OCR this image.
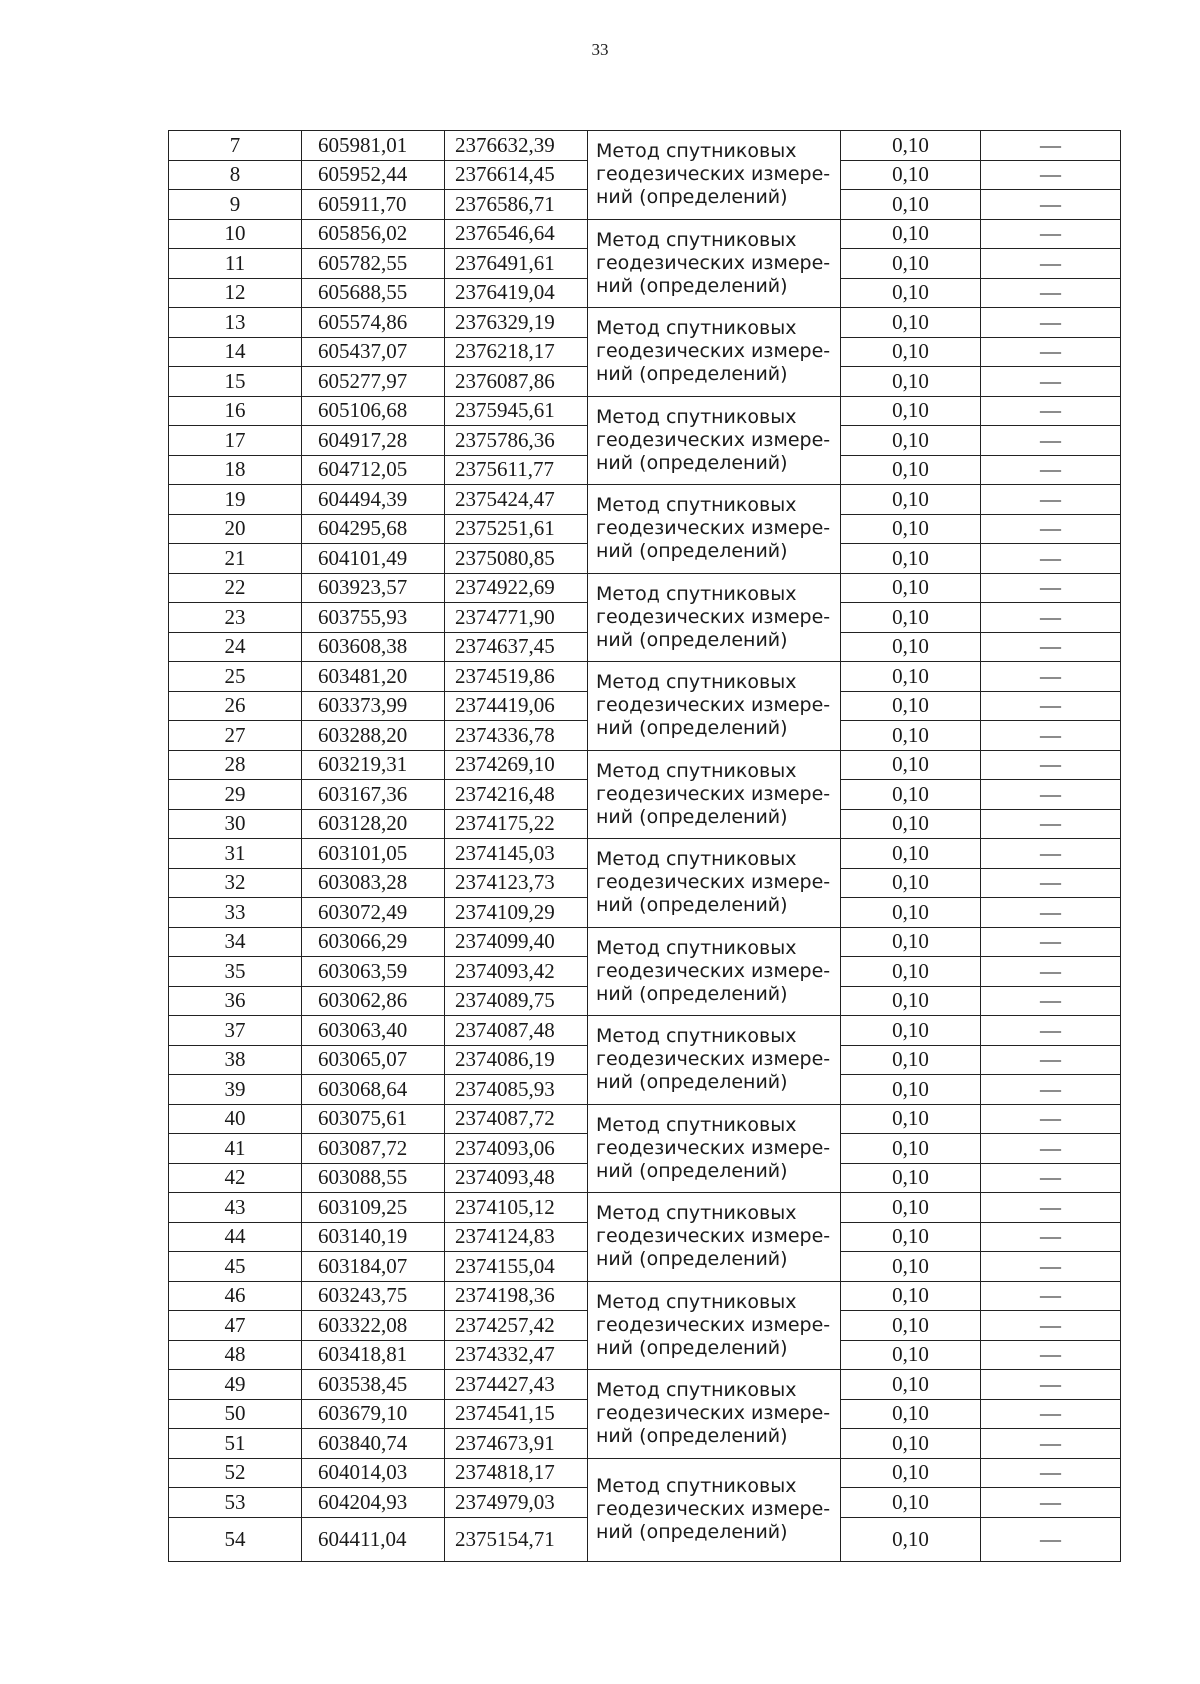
33
7	605981,01	2376632,39	Метод спутниковых геодезических измере-ний (определений)	0,10	—
8	605952,44	2376614,45		0,10	—
9	605911,70	2376586,71		0,10	—
10	605856,02	2376546,64	Метод спутниковых геодезических измере-ний (определений)	0,10	—
11	605782,55	2376491,61		0,10	—
12	605688,55	2376419,04		0,10	—
13	605574,86	2376329,19	Метод спутниковых геодезических измере-ний (определений)	0,10	—
14	605437,07	2376218,17		0,10	—
15	605277,97	2376087,86		0,10	—
16	605106,68	2375945,61	Метод спутниковых геодезических измере-ний (определений)	0,10	—
17	604917,28	2375786,36		0,10	—
18	604712,05	2375611,77		0,10	—
19	604494,39	2375424,47	Метод спутниковых геодезических измере-ний (определений)	0,10	—
20	604295,68	2375251,61		0,10	—
21	604101,49	2375080,85		0,10	—
22	603923,57	2374922,69	Метод спутниковых геодезических измере-ний (определений)	0,10	—
23	603755,93	2374771,90		0,10	—
24	603608,38	2374637,45		0,10	—
25	603481,20	2374519,86	Метод спутниковых геодезических измере-ний (определений)	0,10	—
26	603373,99	2374419,06		0,10	—
27	603288,20	2374336,78		0,10	—
28	603219,31	2374269,10	Метод спутниковых геодезических измере-ний (определений)	0,10	—
29	603167,36	2374216,48		0,10	—
30	603128,20	2374175,22		0,10	—
31	603101,05	2374145,03	Метод спутниковых геодезических измере-ний (определений)	0,10	—
32	603083,28	2374123,73		0,10	—
33	603072,49	2374109,29		0,10	—
34	603066,29	2374099,40	Метод спутниковых геодезических измере-ний (определений)	0,10	—
35	603063,59	2374093,42		0,10	—
36	603062,86	2374089,75		0,10	—
37	603063,40	2374087,48	Метод спутниковых геодезических измере-ний (определений)	0,10	—
38	603065,07	2374086,19		0,10	—
39	603068,64	2374085,93		0,10	—
40	603075,61	2374087,72	Метод спутниковых геодезических измере-ний (определений)	0,10	—
41	603087,72	2374093,06		0,10	—
42	603088,55	2374093,48		0,10	—
43	603109,25	2374105,12	Метод спутниковых геодезических измере-ний (определений)	0,10	—
44	603140,19	2374124,83		0,10	—
45	603184,07	2374155,04		0,10	—
46	603243,75	2374198,36	Метод спутниковых геодезических измере-ний (определений)	0,10	—
47	603322,08	2374257,42		0,10	—
48	603418,81	2374332,47		0,10	—
49	603538,45	2374427,43	Метод спутниковых геодезических измере-ний (определений)	0,10	—
50	603679,10	2374541,15		0,10	—
51	603840,74	2374673,91		0,10	—
52	604014,03	2374818,17	Метод спутниковых геодезических измере-ний (определений)	0,10	—
53	604204,93	2374979,03		0,10	—
54	604411,04	2375154,71		0,10	—
